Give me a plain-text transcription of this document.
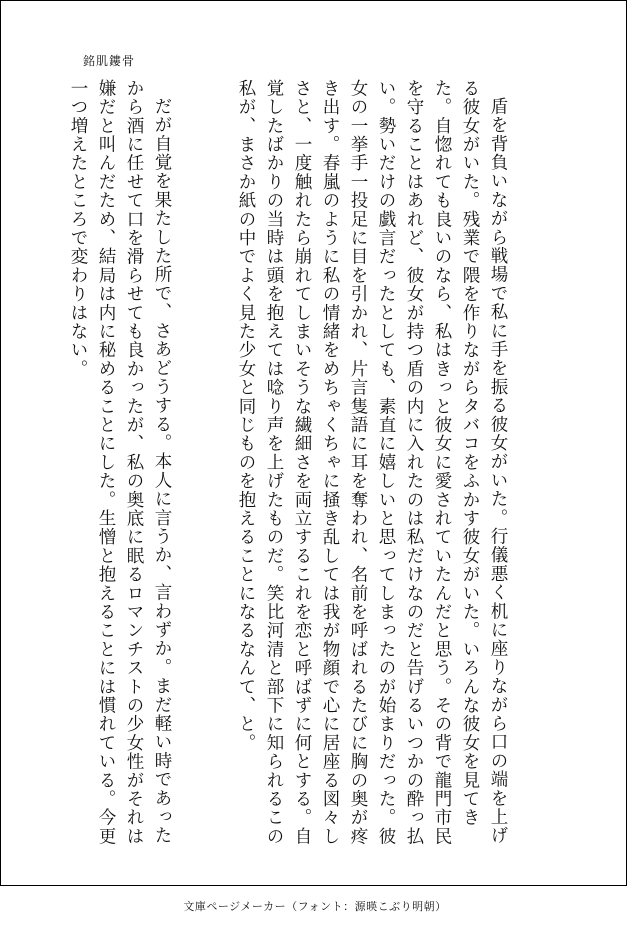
銘肌鏤骨

盾を背負いながら戦場で私に手を振る彼女がいた。行儀悪く机に座りながら口の端を上げる彼女がいた。残業で隈を作りながらタバコをふかす彼女がいた。いろんな彼女を見てきた。自惚れても良いのなら、私はきっと彼女に愛されていたんだと思う。その背で龍門市民を守ることはあれど、彼女が持つ盾の内に入れたのは私だけなのだと告げるいつかの酔っ払い。勢いだけの戯言だったとしても、素直に嬉しいと思ってしまったのが始まりだった。彼女の一挙手一投足に目を引かれ、片言隻語に耳を奪われ、名前を呼ばれるたびに胸の奥が疼き出す。春嵐のように私の情緒をめちゃくちゃに掻き乱しては我が物顔で心に居座る図々しさと、一度触れたら崩れてしまいそうな繊細さを両立するこれを恋と呼ばずに何とする。自覚したばかりの当時は頭を抱えては唸り声を上げたものだ。笑比河清と部下に知られるこの私が、まさか紙の中でよく見た少女と同じものを抱えることになるなんて、と。

だが自覚を果たした所で、さあどうする。本人に言うか、言わずか。まだ軽い時であったから酒に任せて口を滑らせても良かったが、私の奥底に眠るロマンチストの少女性がそれは嫌だと叫んだため、結局は内に秘めることにした。生憎と抱えることには慣れている。今更一つ増えたところで変わりはない。

文庫ページメーカー（フォント：源暎こぶり明朝）
